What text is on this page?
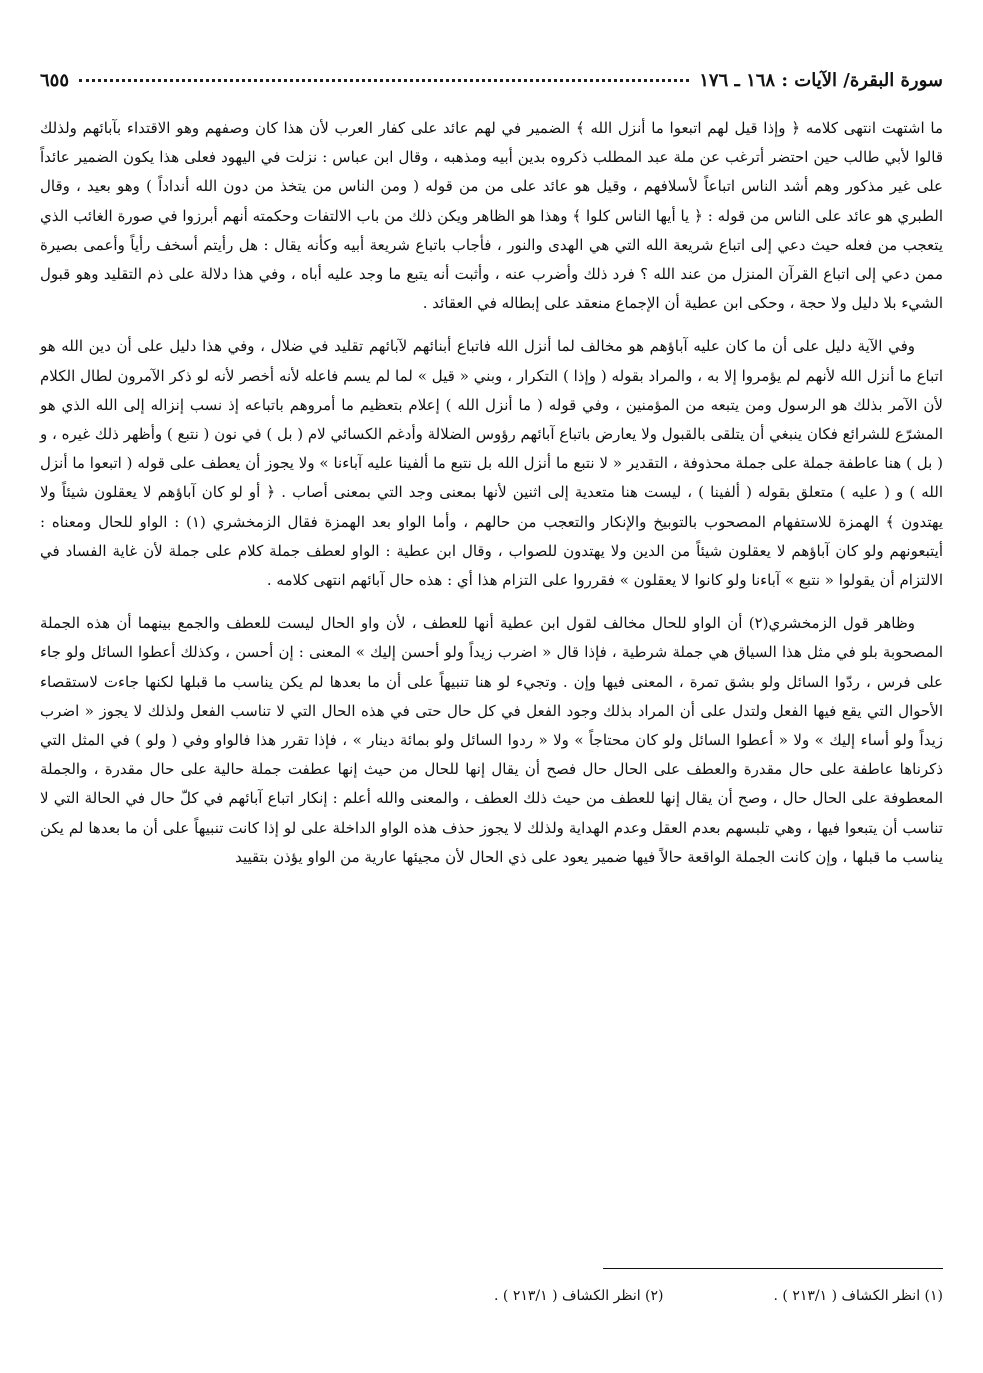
سورة البقرة/ الآيات : ١٦٨ ـ ١٧٦
٦٥٥

ما اشتهت انتهى كلامه ﴿ وإذا قيل لهم اتبعوا ما أنزل الله ﴾ الضمير في لهم عائد على كفار العرب لأن هذا كان وصفهم وهو الاقتداء بآبائهم ولذلك قالوا لأبي طالب حين احتضر أترغب عن ملة عبد المطلب ذكروه بدين أبيه ومذهبه ، وقال ابن عباس : نزلت في اليهود فعلى هذا يكون الضمير عائداً على غير مذكور وهم أشد الناس اتباعاً لأسلافهم ، وقيل هو عائد على من من قوله ( ومن الناس من يتخذ من دون الله أنداداً ) وهو بعيد ، وقال الطبري هو عائد على الناس من قوله : ﴿ يا أيها الناس كلوا ﴾ وهذا هو الظاهر ويكن ذلك من باب الالتفات وحكمته أنهم أبرزوا في صورة الغائب الذي يتعجب من فعله حيث دعي إلى اتباع شريعة الله التي هي الهدى والنور ، فأجاب باتباع شريعة أبيه وكأنه يقال : هل رأيتم أسخف رأياً وأعمى بصيرة ممن دعي إلى اتباع القرآن المنزل من عند الله ؟ فرد ذلك وأضرب عنه ، وأثبت أنه يتبع ما وجد عليه أباه ، وفي هذا دلالة على ذم التقليد وهو قبول الشيء بلا دليل ولا حجة ، وحكى ابن عطية أن الإجماع منعقد على إبطاله في العقائد .

وفي الآية دليل على أن ما كان عليه آباؤهم هو مخالف لما أنزل الله فاتباع أبنائهم لآبائهم تقليد في ضلال ، وفي هذا دليل على أن دين الله هو اتباع ما أنزل الله لأنهم لم يؤمروا إلا به ، والمراد بقوله ( وإذا ) التكرار ، وبني « قيل » لما لم يسم فاعله لأنه أخصر لأنه لو ذكر الآمرون لطال الكلام لأن الآمر بذلك هو الرسول ومن يتبعه من المؤمنين ، وفي قوله ( ما أنزل الله ) إعلام بتعظيم ما أمروهم باتباعه إذ نسب إنزاله إلى الله الذي هو المشرّع للشرائع فكان ينبغي أن يتلقى بالقبول ولا يعارض باتباع آبائهم رؤوس الضلالة وأدغم الكسائي لام ( بل ) في نون ( نتبع ) وأظهر ذلك غيره ، و ( بل ) هنا عاطفة جملة على جملة محذوفة ، التقدير « لا نتبع ما أنزل الله بل نتبع ما ألفينا عليه آباءنا » ولا يجوز أن يعطف على قوله ( اتبعوا ما أنزل الله ) و ( عليه ) متعلق بقوله ( ألفينا ) ، ليست هنا متعدية إلى اثنين لأنها بمعنى وجد التي بمعنى أصاب . ﴿ أو لو كان آباؤهم لا يعقلون شيئاً ولا يهتدون ﴾ الهمزة للاستفهام المصحوب بالتوبيخ والإنكار والتعجب من حالهم ، وأما الواو بعد الهمزة فقال الزمخشري (١) : الواو للحال ومعناه : أيتبعونهم ولو كان آباؤهم لا يعقلون شيئاً من الدين ولا يهتدون للصواب ، وقال ابن عطية : الواو لعطف جملة كلام على جملة لأن غاية الفساد في الالتزام أن يقولوا « نتبع » آباءنا ولو كانوا لا يعقلون » فقرروا على التزام هذا أي : هذه حال آبائهم انتهى كلامه .

وظاهر قول الزمخشري(٢) أن الواو للحال مخالف لقول ابن عطية أنها للعطف ، لأن واو الحال ليست للعطف والجمع بينهما أن هذه الجملة المصحوبة بلو في مثل هذا السياق هي جملة شرطية ، فإذا قال « اضرب زيداً ولو أحسن إليك » المعنى : إن أحسن ، وكذلك أعطوا السائل ولو جاء على فرس ، ردّوا السائل ولو بشق تمرة ، المعنى فيها وإن . وتجيء لو هنا تنبيهاً على أن ما بعدها لم يكن يناسب ما قبلها لكنها جاءت لاستقصاء الأحوال التي يقع فيها الفعل ولتدل على أن المراد بذلك وجود الفعل في كل حال حتى في هذه الحال التي لا تناسب الفعل ولذلك لا يجوز « اضرب زيداً ولو أساء إليك » ولا « أعطوا السائل ولو كان محتاجاً » ولا « ردوا السائل ولو بمائة دينار » ، فإذا تقرر هذا فالواو وفي ( ولو ) في المثل التي ذكرناها عاطفة على حال مقدرة والعطف على الحال حال فصح أن يقال إنها للحال من حيث إنها عطفت جملة حالية على حال مقدرة ، والجملة المعطوفة على الحال حال ، وصح أن يقال إنها للعطف من حيث ذلك العطف ، والمعنى والله أعلم : إنكار اتباع آبائهم في كلّ حال في الحالة التي لا تناسب أن يتبعوا فيها ، وهي تلبسهم بعدم العقل وعدم الهداية ولذلك لا يجوز حذف هذه الواو الداخلة على لو إذا كانت تنبيهاً على أن ما بعدها لم يكن يناسب ما قبلها ، وإن كانت الجملة الواقعة حالاً فيها ضمير يعود على ذي الحال لأن مجيئها عارية من الواو يؤذن بتقييد

(١) انظر الكشاف ( ٢١٣/١ ) .
(٢) انظر الكشاف ( ٢١٣/١ ) .
